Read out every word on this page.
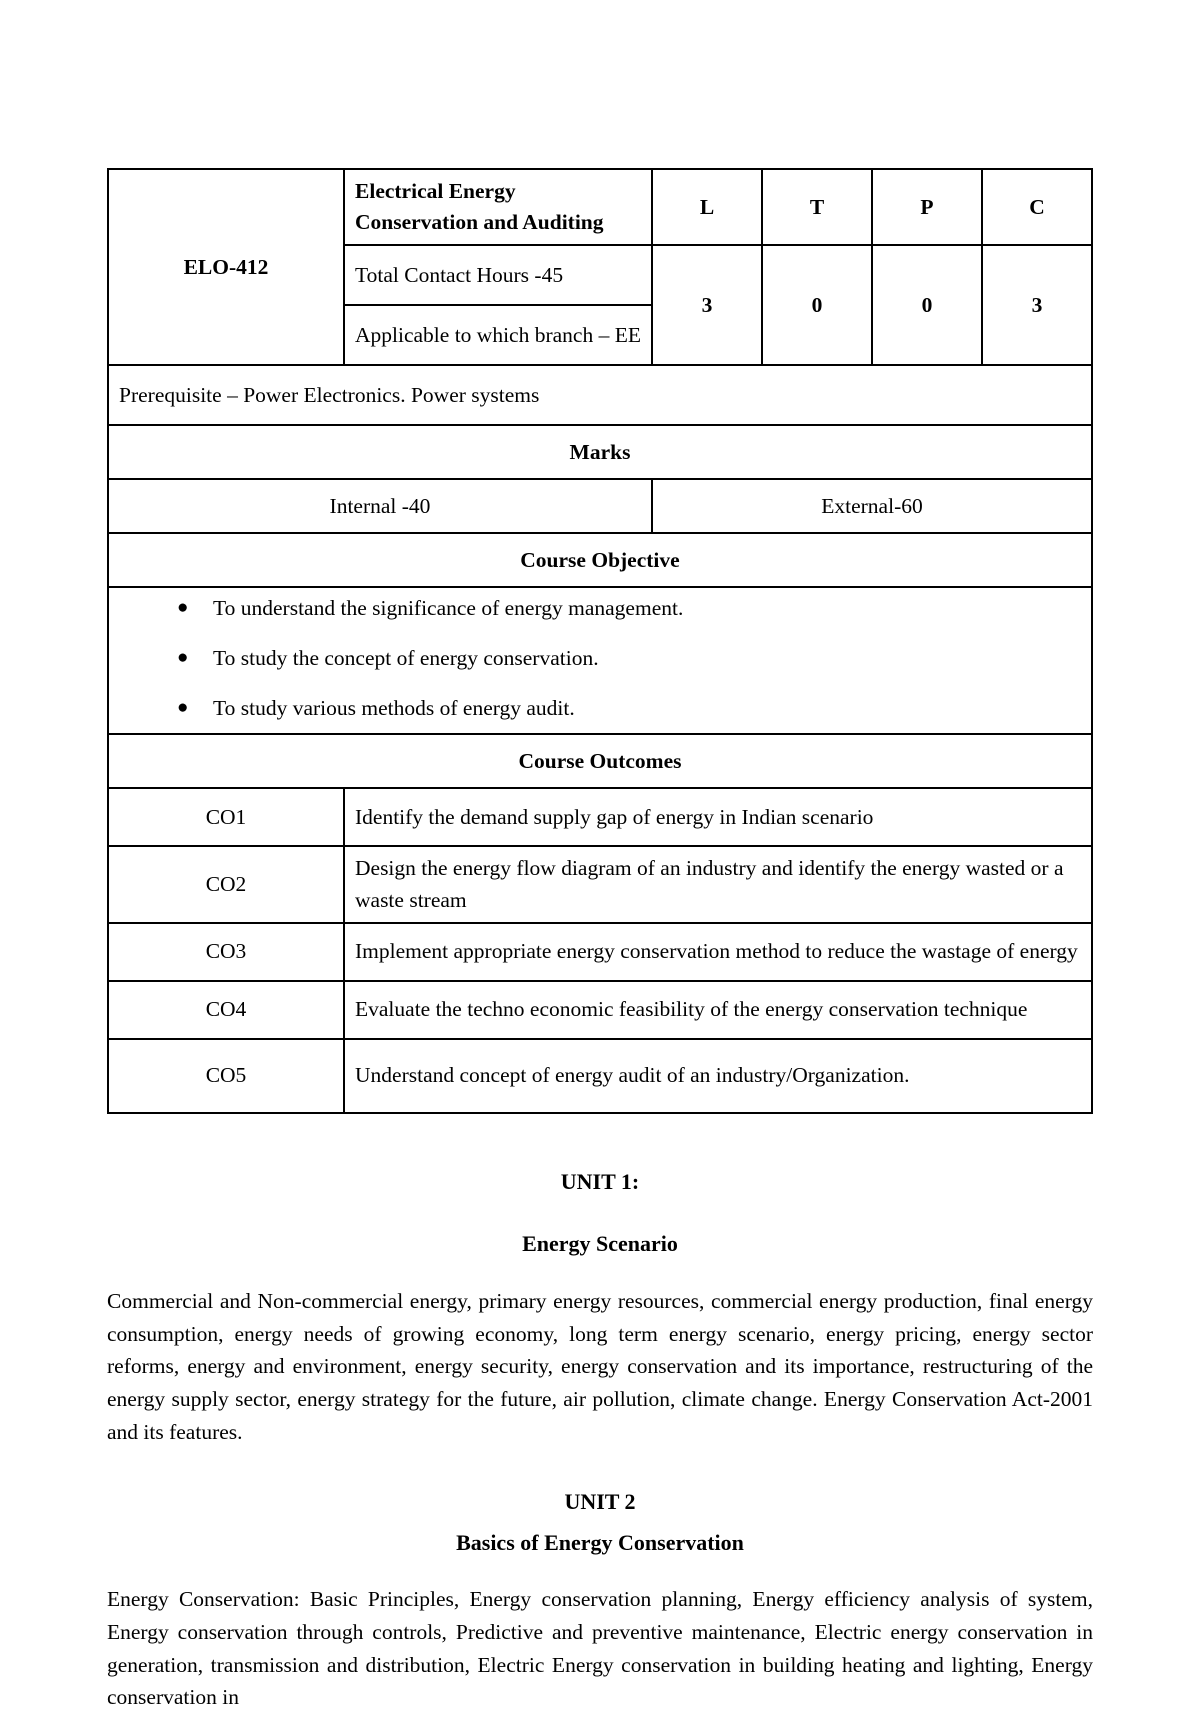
ELO-412	Electrical Energy Conservation and Auditing	L	T	P	C
	Total Contact Hours -45	3	0	0	3
	Applicable to which branch – EE				
Prerequisite – Power Electronics. Power systems					
Marks					
Internal -40		External-60			
Course Objective					

● To understand the significance of energy management.
● To study the concept of energy conservation.
● To study various methods of energy audit.

Course Outcomes					
CO1	Identify the demand supply gap of energy in Indian scenario				
CO2	Design the energy flow diagram of an industry and identify the energy wasted or a waste stream				
CO3	Implement appropriate energy conservation method to reduce the wastage of energy				
CO4	Evaluate the techno economic feasibility of the energy conservation technique				
CO5	Understand concept of energy audit of an industry/Organization.				
UNIT 1:
Energy Scenario

Commercial and Non-commercial energy, primary energy resources, commercial energy production, final energy consumption, energy needs of growing economy, long term energy scenario, energy pricing, energy sector reforms, energy and environment, energy security, energy conservation and its importance, restructuring of the energy supply sector, energy strategy for the future, air pollution, climate change. Energy Conservation Act-2001 and its features.

UNIT 2
Basics of Energy Conservation

Energy Conservation: Basic Principles, Energy conservation planning, Energy efficiency analysis of system, Energy conservation through controls, Predictive and preventive maintenance, Electric energy conservation in generation, transmission and distribution, Electric Energy conservation in building heating and lighting, Energy conservation in
